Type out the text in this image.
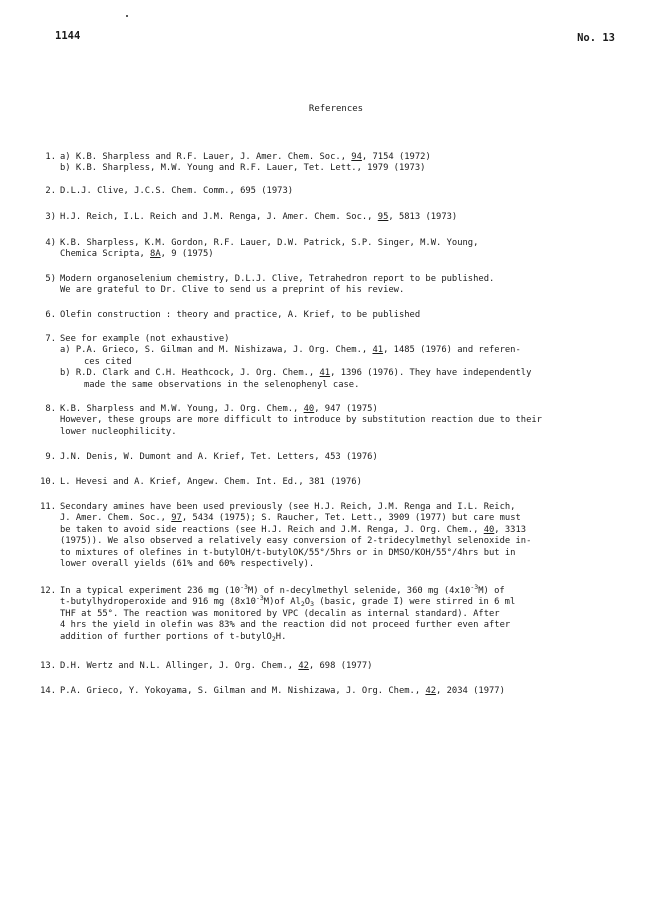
1144	No. 13
References
1. a) K.B. Sharpless and R.F. Lauer, J. Amer. Chem. Soc., 94, 7154 (1972)
b) K.B. Sharpless, M.W. Young and R.F. Lauer, Tet. Lett., 1979 (1973)
2. D.L.J. Clive, J.C.S. Chem. Comm., 695 (1973)
3) H.J. Reich, I.L. Reich and J.M. Renga, J. Amer. Chem. Soc., 95, 5813 (1973)
4) K.B. Sharpless, K.M. Gordon, R.F. Lauer, D.W. Patrick, S.P. Singer, M.W. Young,
Chemica Scripta, 8A, 9 (1975)
5) Modern organoselenium chemistry, D.L.J. Clive, Tetrahedron report to be published.
We are grateful to Dr. Clive to send us a preprint of his review.
6. Olefin construction : theory and practice, A. Krief, to be published
7. See for example (not exhaustive)
a) P.A. Grieco, S. Gilman and M. Nishizawa, J. Org. Chem., 41, 1485 (1976) and referen-
ces cited
b) R.D. Clark and C.H. Heathcock, J. Org. Chem., 41, 1396 (1976). They have independently
made the same observations in the selenophenyl case.
8. K.B. Sharpless and M.W. Young, J. Org. Chem., 40, 947 (1975)
However, these groups are more difficult to introduce by substitution reaction due to their
lower nucleophilicity.
9. J.N. Denis, W. Dumont and A. Krief, Tet. Letters, 453 (1976)
10. L. Hevesi and A. Krief, Angew. Chem. Int. Ed., 381 (1976)
11. Secondary amines have been used previously (see H.J. Reich, J.M. Renga and I.L. Reich,
J. Amer. Chem. Soc., 97, 5434 (1975); S. Raucher, Tet. Lett., 3909 (1977) but care must
be taken to avoid side reactions (see H.J. Reich and J.M. Renga, J. Org. Chem., 40, 3313
(1975)). We also observed a relatively easy conversion of 2-tridecylmethyl selenoxide in-
to mixtures of olefines in t-butylOH/t-butylOK/55°/5hrs or in DMSO/KOH/55°/4hrs but in
lower overall yields (61% and 60% respectively).
12. In a typical experiment 236 mg $(10^{-3}M)$ of n-decylmethyl selenide, 360 mg $(4x10^{-3}M)$ of
t-butylhydroperoxide and 916 mg $(8x10^{-3}M)of$ $Al_2O_3$ (basic, grade I) were stirred in 6 ml
THF at 55°. The reaction was monitored by VPC (decalin as internal standard). After
4 hrs the yield in olefin was 83% and the reaction did not proceed further even after
addition of further portions of t-butylO$_2$H.
13. D.H. Wertz and N.L. Allinger, J. Org. Chem., 42, 698 (1977)
14. P.A. Grieco, Y. Yokoyama, S. Gilman and M. Nishizawa, J. Org. Chem., 42, 2034 (1977)
